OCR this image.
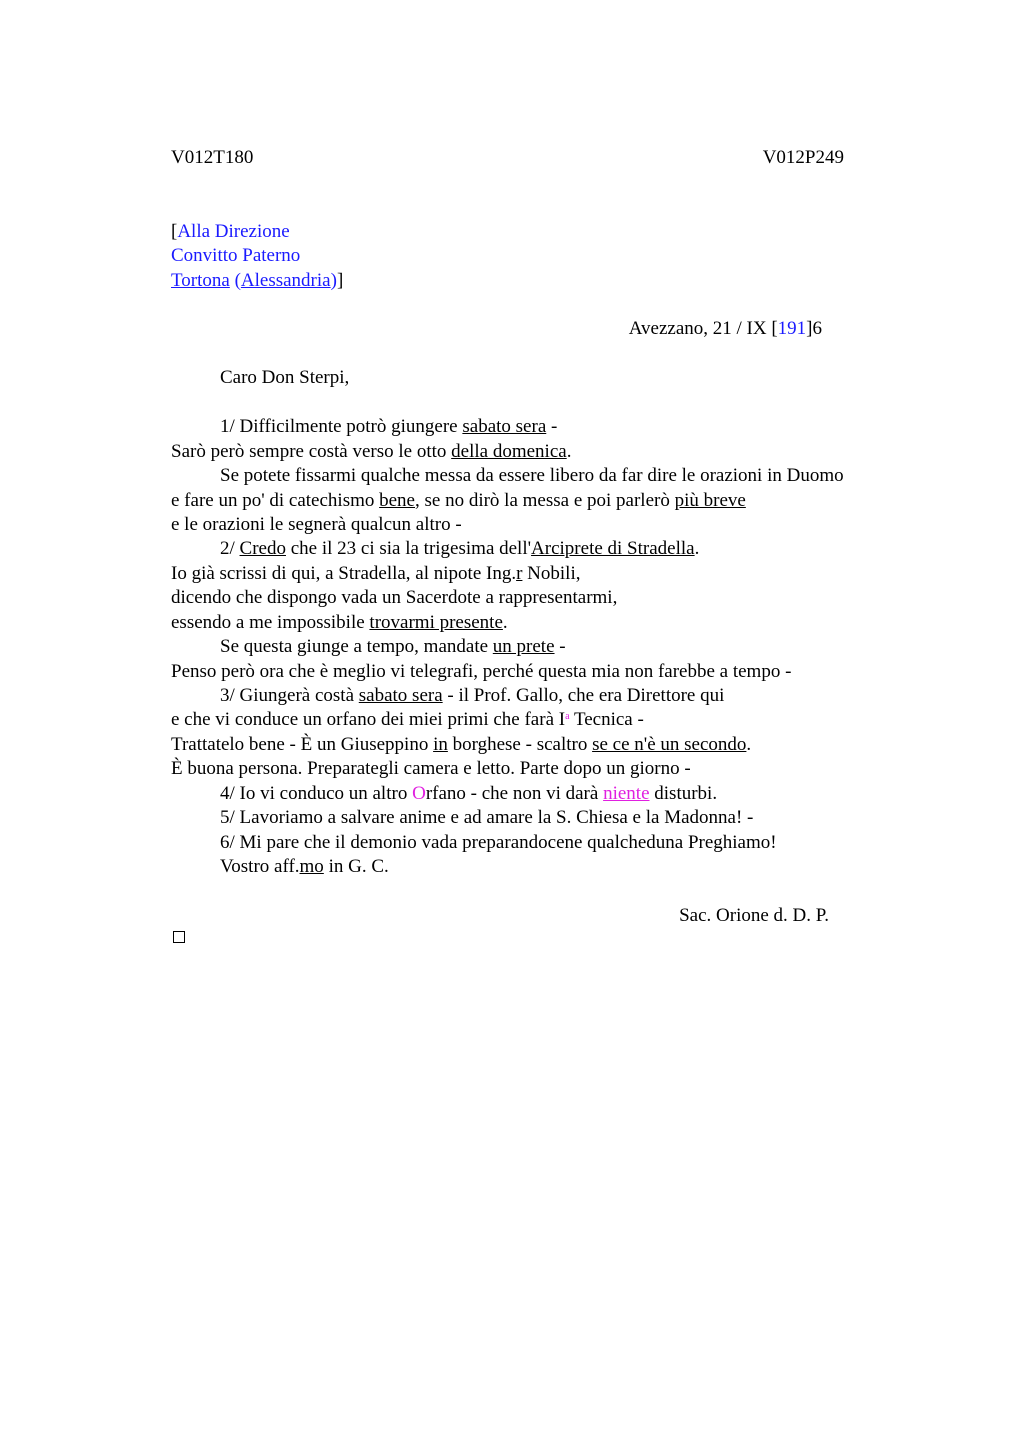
V012T180	V012P249
[Alla Direzione
Convitto Paterno
Tortona (Alessandria)]
Avezzano, 21 / IX [191]6
Caro Don Sterpi,
1/ Difficilmente potrò giungere sabato sera -
Sarò però sempre costà verso le otto della domenica.
Se potete fissarmi qualche messa da essere libero da far dire le orazioni in Duomo
e fare un po' di catechismo bene, se no dirò la messa e poi parlerò più breve
e le orazioni le segnerà qualcun altro -
2/ Credo che il 23 ci sia la trigesima dell'Arciprete di Stradella.
Io già scrissi di qui, a Stradella, al nipote Ing.r Nobili,
dicendo che dispongo vada un Sacerdote a rappresentarmi,
essendo a me impossibile trovarmi presente.
Se questa giunge a tempo, mandate un prete -
Penso però ora che è meglio vi telegrafi, perché questa mia non farebbe a tempo -
3/ Giungerà costà sabato sera - il Prof. Gallo, che era Direttore qui
e che vi conduce un orfano dei miei primi che farà $I^a$ Tecnica -
Trattatelo bene - È un Giuseppino in borghese - scaltro se ce n'è un secondo.
È buona persona. Preparategli camera e letto. Parte dopo un giorno -
4/ Io vi conduco un altro Orfano - che non vi darà niente disturbi.
5/ Lavoriamo a salvare anime e ad amare la S. Chiesa e la Madonna! -
6/ Mi pare che il demonio vada preparandocene qualcheduna Preghiamo!
Vostro aff.mo in G. C.
Sac. Orione d. D. P.
